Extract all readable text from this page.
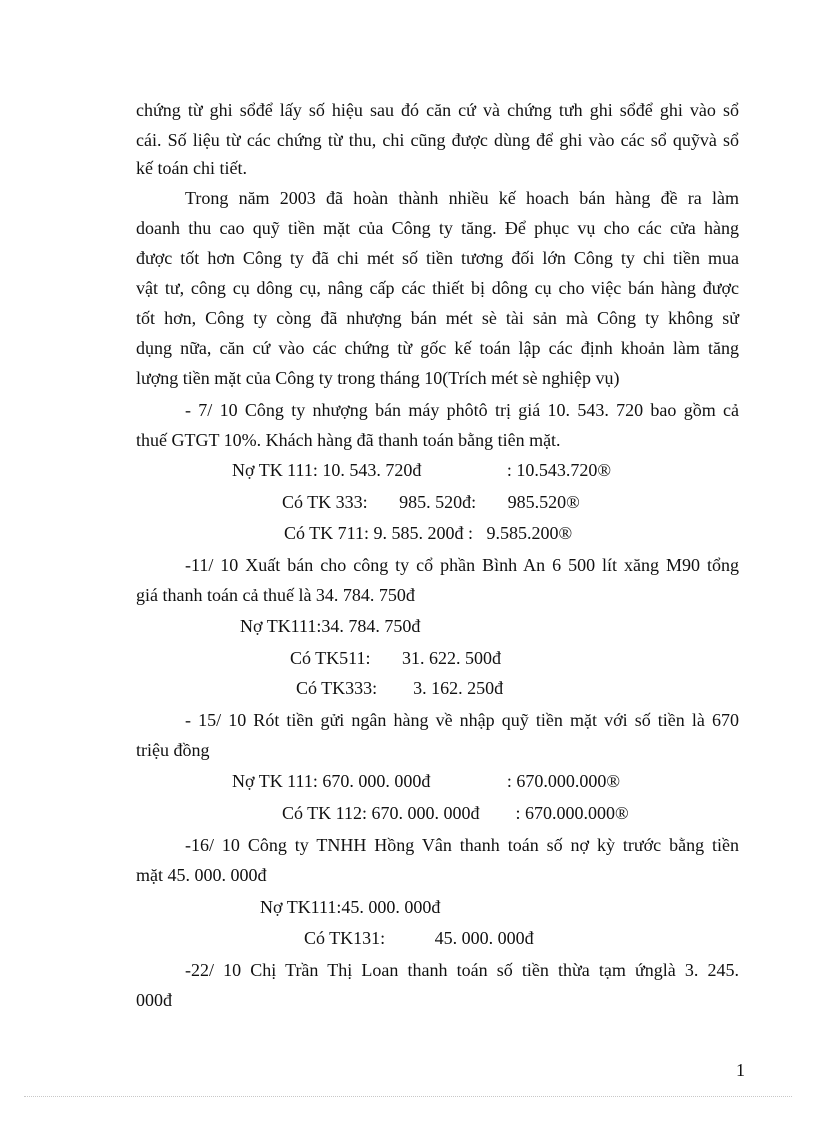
chứng từ ghi sổđể lấy số hiệu sau đó căn cứ và chứng tưh ghi sổđể ghi vào sổ
cái. Số liệu từ các chứng từ thu, chi cũng được dùng để ghi vào các sổ quỹvà sổ
kế toán chi tiết.
Trong năm 2003 đã hoàn thành nhiều kế hoach bán hàng đề ra làm
doanh thu cao quỹ tiền mặt của Công ty tăng. Để phục vụ cho các cửa hàng
được tốt hơn Công ty đã chi mét số tiền tương đối lớn Công ty chi tiền mua
vật tư, công cụ dông cụ, nâng cấp các thiết bị dông cụ cho việc bán hàng được
tốt hơn, Công ty còng đã nhượng bán mét sè tài sản mà Công ty không sử
dụng nữa, căn cứ vào các chứng từ gốc kế toán lập các định khoản làm tăng
lượng tiền mặt của Công ty trong tháng 10(Trích mét sè nghiệp vụ)
- 7/ 10 Công ty nhượng bán máy phôtô trị giá 10. 543. 720 bao gồm cả
thuế GTGT 10%. Khách hàng đã thanh toán bằng tiên mặt.
Nợ TK 111: 10. 543. 720đ                   : 10.543.720®
Có TK 333:       985. 520đ:       985.520®
Có TK 711: 9. 585. 200đ :   9.585.200®
-11/ 10 Xuất bán cho công ty cổ phần Bình An 6 500 lít xăng M90 tổng
giá thanh toán cả thuế là 34. 784. 750đ
Nợ TK111:34. 784. 750đ
Có TK511:       31. 622. 500đ
Có TK333:        3. 162. 250đ
- 15/ 10 Rót tiền gửi ngân hàng về nhập quỹ tiền mặt với số tiền là 670
triệu đồng
Nợ TK 111: 670. 000. 000đ                 : 670.000.000®
Có TK 112: 670. 000. 000đ        : 670.000.000®
-16/ 10 Công ty TNHH Hồng Vân thanh toán số nợ kỳ trước bằng tiền
mặt 45. 000. 000đ
Nợ TK111:45. 000. 000đ
Có TK131:           45. 000. 000đ
-22/ 10 Chị Trần Thị Loan thanh toán số tiền thừa tạm ứnglà 3. 245.
000đ
1
